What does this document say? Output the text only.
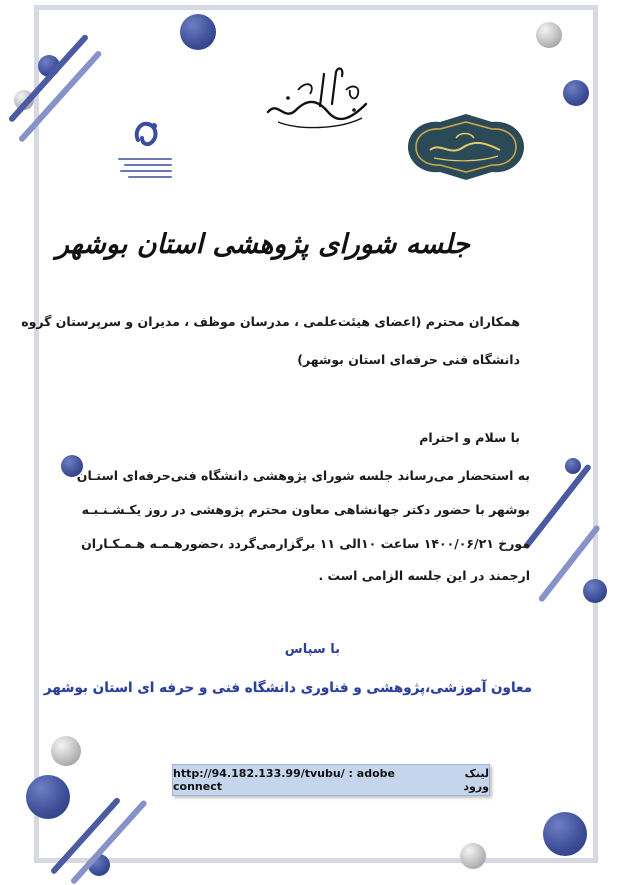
جلسه شورای پژوهشی استان بوشهر
همکاران محترم (اعضای هیئت‌علمی ، مدرسان موظف ، مدیران و سرپرستان گروه
دانشگاه فنی حرفه‌ای استان بوشهر)
با سلام و احترام
به استحضار می‌رساند جلسه شورای پژوهشی دانشگاه فنی‌حرفه‌ای استـان
بوشهر با حضور دکتر جهانشاهی معاون محترم پژوهشی در روز یکـشـنـبـه
مورخ ۱۴۰۰/۰۶/۲۱ ساعت ۱۰الی ۱۱ برگزارمی‌گردد ،حضورهـمـه هـمـکـاران
ارجمند در این جلسه الزامی است .
با سپاس
معاون آموزشی،پژوهشی و فناوری دانشگاه فنی و حرفه ای استان بوشهر
لینک ورود
http://94.182.133.99/tvubu/ : adobe connect
